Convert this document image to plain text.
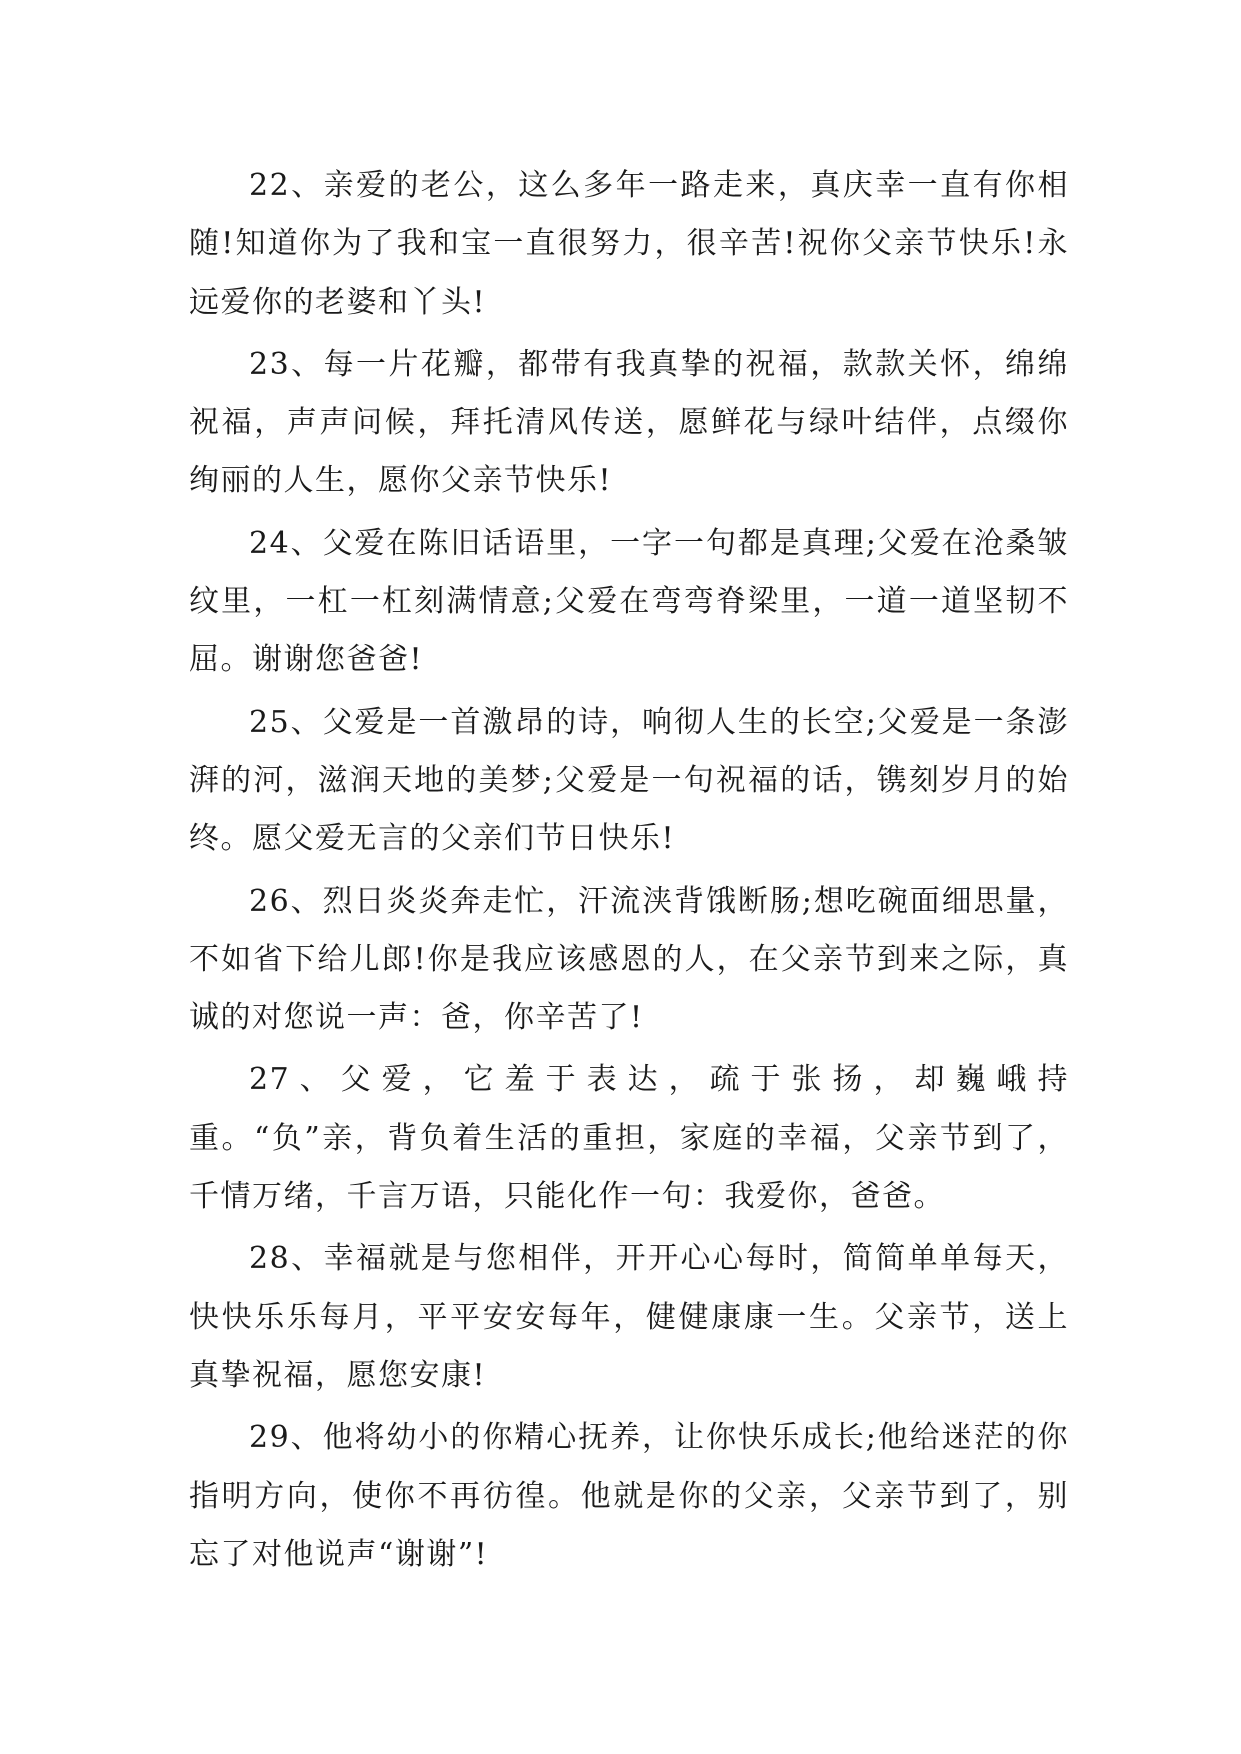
22、亲爱的老公，这么多年一路走来，真庆幸一直有你相随!知道你为了我和宝一直很努力，很辛苦!祝你父亲节快乐!永远爱你的老婆和丫头!

23、每一片花瓣，都带有我真挚的祝福，款款关怀，绵绵祝福，声声问候，拜托清风传送，愿鲜花与绿叶结伴，点缀你绚丽的人生，愿你父亲节快乐!

24、父爱在陈旧话语里，一字一句都是真理;父爱在沧桑皱纹里，一杠一杠刻满情意;父爱在弯弯脊梁里，一道一道坚韧不屈。谢谢您爸爸!

25、父爱是一首激昂的诗，响彻人生的长空;父爱是一条澎湃的河，滋润天地的美梦;父爱是一句祝福的话，镌刻岁月的始终。愿父爱无言的父亲们节日快乐!

26、烈日炎炎奔走忙，汗流浃背饿断肠;想吃碗面细思量，不如省下给儿郎!你是我应该感恩的人，在父亲节到来之际，真诚的对您说一声：爸，你辛苦了!

27、父爱，它羞于表达，疏于张扬，却巍峨持重。“负”亲，背负着生活的重担，家庭的幸福，父亲节到了，千情万绪，千言万语，只能化作一句：我爱你，爸爸。

28、幸福就是与您相伴，开开心心每时，简简单单每天，快快乐乐每月，平平安安每年，健健康康一生。父亲节，送上真挚祝福，愿您安康!

29、他将幼小的你精心抚养，让你快乐成长;他给迷茫的你指明方向，使你不再彷徨。他就是你的父亲，父亲节到了，别忘了对他说声“谢谢”!
